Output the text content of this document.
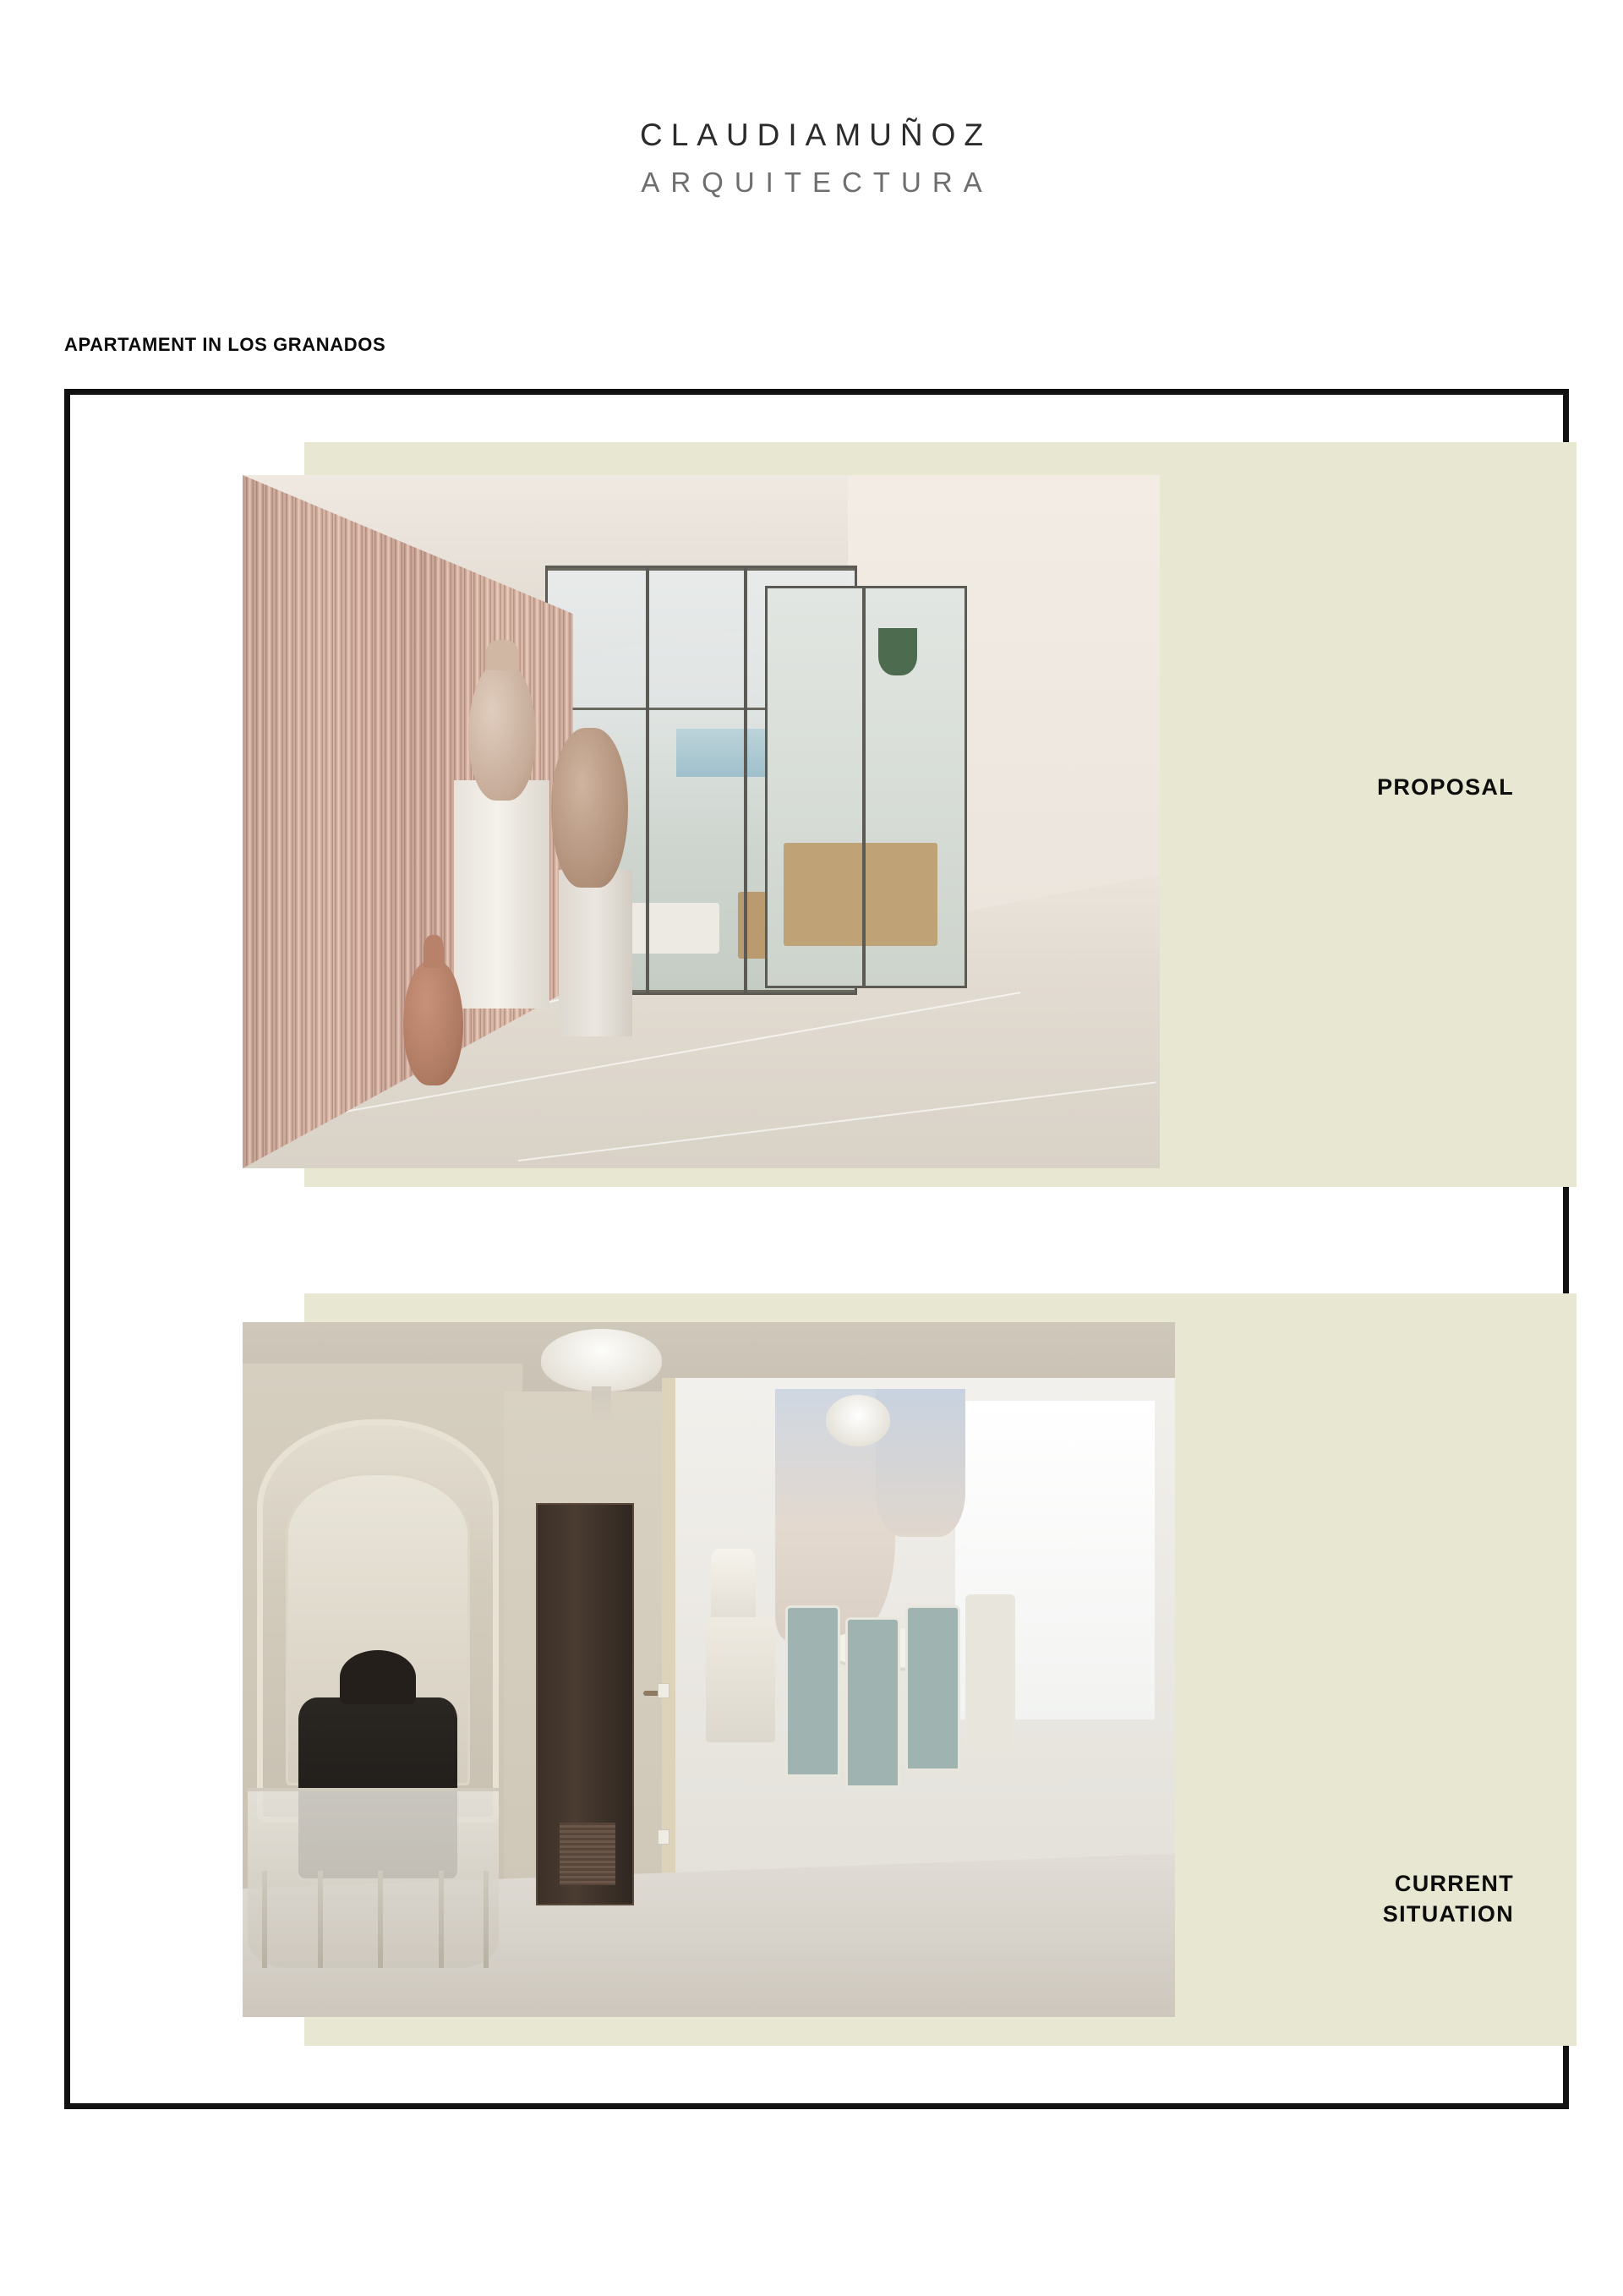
CLAUDIAMUÑOZ
ARQUITECTURA
APARTAMENT IN LOS GRANADOS
PROPOSAL
CURRENT
SITUATION
